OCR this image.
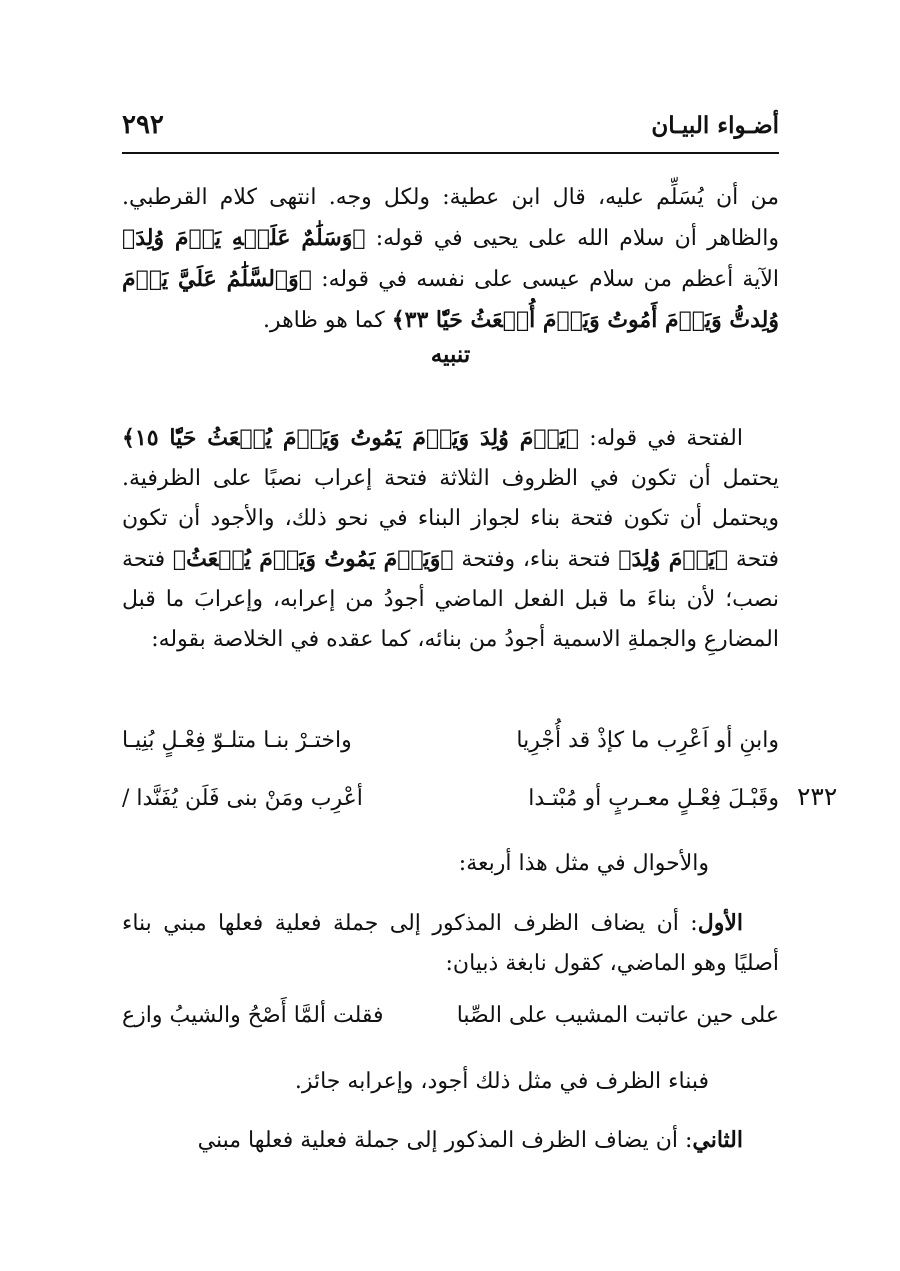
٢٩٢	أضـواء البيـان
٢٣٢

من أن يُسَلِّم عليه، قال ابن عطية: ولكل وجه. انتهى كلام القرطبي. والظاهر أن سلام الله على يحيى في قوله: ﴿وَسَلَٰمٌ عَلَيۡهِ يَوۡمَ وُلِدَ﴾ الآية أعظم من سلام عيسى على نفسه في قوله: ﴿وَٱلسَّلَٰمُ عَلَيَّ يَوۡمَ وُلِدتُّ وَيَوۡمَ أَمُوتُ وَيَوۡمَ أُبۡعَثُ حَيّٗا ٣٣﴾ كما هو ظاهر.

تنبيه

الفتحة في قوله: ﴿يَوۡمَ وُلِدَ وَيَوۡمَ يَمُوتُ وَيَوۡمَ يُبۡعَثُ حَيّٗا ١٥﴾ يحتمل أن تكون في الظروف الثلاثة فتحة إعراب نصبًا على الظرفية. ويحتمل أن تكون فتحة بناء لجواز البناء في نحو ذلك، والأجود أن تكون فتحة ﴿يَوۡمَ وُلِدَ﴾ فتحة بناء، وفتحة ﴿وَيَوۡمَ يَمُوتُ وَيَوۡمَ يُبۡعَثُ﴾ فتحة نصب؛ لأن بناءَ ما قبل الفعل الماضي أجودُ من إعرابه، وإعرابَ ما قبل المضارعِ والجملةِ الاسمية أجودُ من بنائه، كما عقده في الخلاصة بقوله:

وابنِ أو اَعْرِب ما كإذْ قد أُجْرِيا
واختـرْ بنـا متلـوّ فِعْـلٍ بُنِيـا
وقَبْـلَ فِعْـلٍ معـربٍ أو مُبْتـدا
أعْرِب ومَنْ بنى فَلَن يُفَنَّدا /
والأحوال في مثل هذا أربعة:

الأول: أن يضاف الظرف المذكور إلى جملة فعلية فعلها مبني بناء أصليًا وهو الماضي، كقول نابغة ذبيان:

على حين عاتبت المشيب على الصِّبا
فقلت ألمَّا أَصْحُ والشيبُ وازع
فبناء الظرف في مثل ذلك أجود، وإعرابه جائز.

الثاني: أن يضاف الظرف المذكور إلى جملة فعلية فعلها مبني
